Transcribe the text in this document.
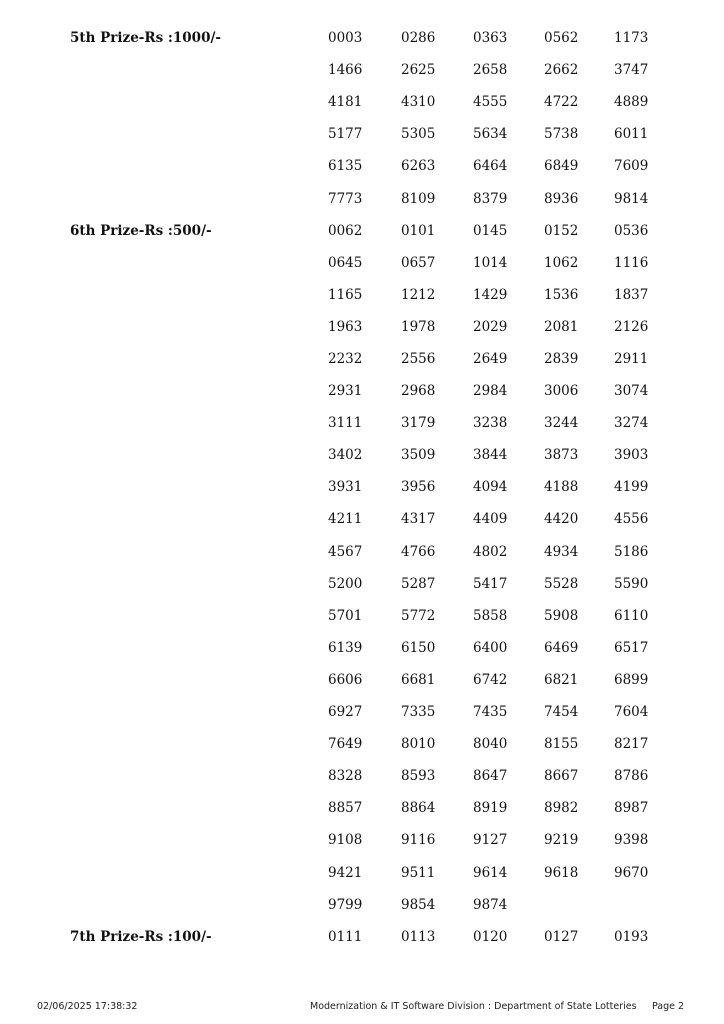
5th Prize-Rs :1000/-	0003	0286	0363	0562	1173
1466	2625	2658	2662	3747
4181	4310	4555	4722	4889
5177	5305	5634	5738	6011
6135	6263	6464	6849	7609
7773	8109	8379	8936	9814
6th Prize-Rs :500/-	0062	0101	0145	0152	0536
0645	0657	1014	1062	1116
1165	1212	1429	1536	1837
1963	1978	2029	2081	2126
2232	2556	2649	2839	2911
2931	2968	2984	3006	3074
3111	3179	3238	3244	3274
3402	3509	3844	3873	3903
3931	3956	4094	4188	4199
4211	4317	4409	4420	4556
4567	4766	4802	4934	5186
5200	5287	5417	5528	5590
5701	5772	5858	5908	6110
6139	6150	6400	6469	6517
6606	6681	6742	6821	6899
6927	7335	7435	7454	7604
7649	8010	8040	8155	8217
8328	8593	8647	8667	8786
8857	8864	8919	8982	8987
9108	9116	9127	9219	9398
9421	9511	9614	9618	9670
9799	9854	9874
7th Prize-Rs :100/-	0111	0113	0120	0127	0193
02/06/2025 17:38:32	Modernization & IT Software Division : Department of State Lotteries Page 2
